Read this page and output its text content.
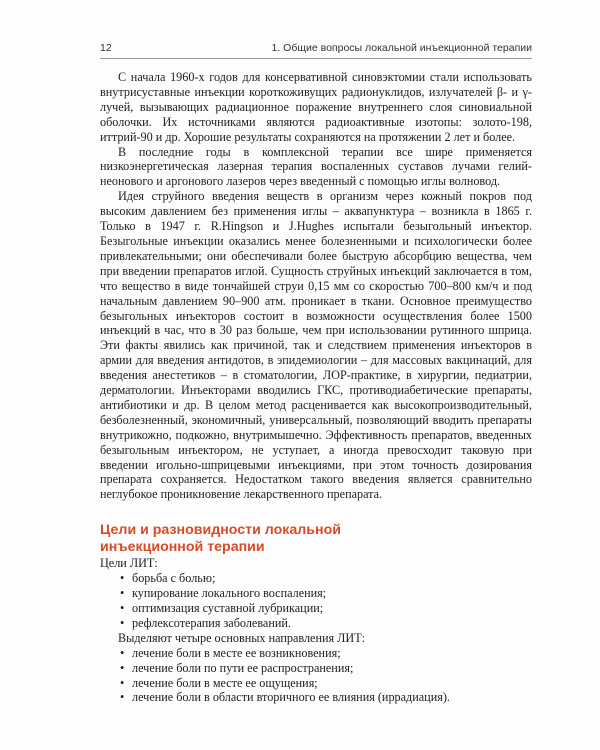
12	1. Общие вопросы локальной инъекционной терапии

С начала 1960-х годов для консервативной синовэктомии стали использовать внутрисуставные инъекции короткоживущих радионуклидов, излучателей β- и γ-лучей, вызывающих радиационное поражение внутреннего слоя синовиальной оболочки. Их источниками являются радиоактивные изотопы: золото-198, иттрий-90 и др. Хорошие результаты сохраняются на протяжении 2 лет и более.

В последние годы в комплексной терапии все шире применяется низкоэнергетическая лазерная терапия воспаленных суставов лучами гелий-неонового и аргонового лазеров через введенный с помощью иглы волновод.

Идея струйного введения веществ в организм через кожный покров под высоким давлением без применения иглы – аквапунктура – возникла в 1865 г. Только в 1947 г. R.Hingson и J.Hughes испытали безыгольный инъектор. Безыгольные инъекции оказались менее болезненными и психологически более привлекательными; они обеспечивали более быструю абсорбцию вещества, чем при введении препаратов иглой. Сущность струйных инъекций заключается в том, что вещество в виде тончайшей струи 0,15 мм со скоростью 700–800 км/ч и под начальным давлением 90–900 атм. проникает в ткани. Основное преимущество безыгольных инъекторов состоит в возможности осуществления более 1500 инъекций в час, что в 30 раз больше, чем при использовании рутинного шприца. Эти факты явились как причиной, так и следствием применения инъекторов в армии для введения антидотов, в эпидемиологии – для массовых вакцинаций, для введения анестетиков – в стоматологии, ЛОР-практике, в хирургии, педиатрии, дерматологии. Инъекторами вводились ГКС, противодиабетические препараты, антибиотики и др. В целом метод расценивается как высокопроизводительный, безболезненный, экономичный, универсальный, позволяющий вводить препараты внутрикожно, подкожно, внутримышечно. Эффективность препаратов, введенных безыгольным инъектором, не уступает, а иногда превосходит таковую при введении игольно-шприцевыми инъекциями, при этом точность дозирования препарата сохраняется. Недостатком такого введения является сравнительно неглубокое проникновение лекарственного препарата.

Цели и разновидности локальной инъекционной терапии

Цели ЛИТ:

• борьба с болью;
• купирование локального воспаления;
• оптимизация суставной лубрикации;
• рефлексотерапия заболеваний.

Выделяют четыре основных направления ЛИТ:

• лечение боли в месте ее возникновения;
• лечение боли по пути ее распространения;
• лечение боли в месте ее ощущения;
• лечение боли в области вторичного ее влияния (иррадиация).
